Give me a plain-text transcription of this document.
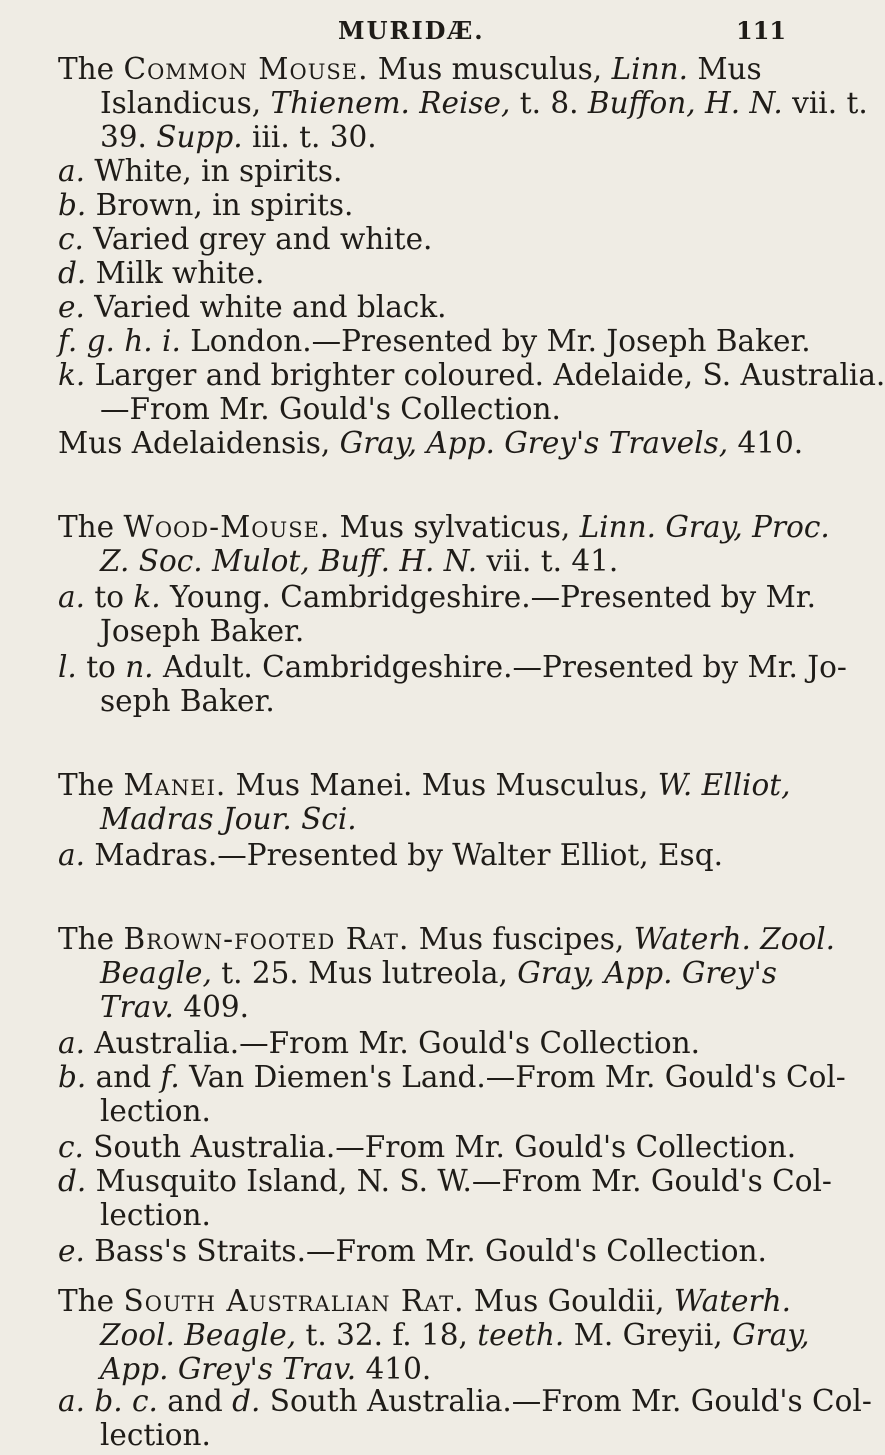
MURIDÆ.	111
The Common Mouse. Mus musculus, Linn. Mus
Islandicus, Thienem. Reise, t. 8. Buffon, H. N. vii. t.
39. Supp. iii. t. 30.
a. White, in spirits.
b. Brown, in spirits.
c. Varied grey and white.
d. Milk white.
e. Varied white and black.
f. g. h. i. London.—Presented by Mr. Joseph Baker.
k. Larger and brighter coloured. Adelaide, S. Australia.
—From Mr. Gould's Collection.
Mus Adelaidensis, Gray, App. Grey's Travels, 410.
The Wood-Mouse. Mus sylvaticus, Linn. Gray, Proc.
Z. Soc. Mulot, Buff. H. N. vii. t. 41.
a. to k. Young. Cambridgeshire.—Presented by Mr.
Joseph Baker.
l. to n. Adult. Cambridgeshire.—Presented by Mr. Jo-
seph Baker.
The Manei. Mus Manei. Mus Musculus, W. Elliot,
Madras Jour. Sci.
a. Madras.—Presented by Walter Elliot, Esq.
The Brown-footed Rat. Mus fuscipes, Waterh. Zool.
Beagle, t. 25. Mus lutreola, Gray, App. Grey's
Trav. 409.
a. Australia.—From Mr. Gould's Collection.
b. and f. Van Diemen's Land.—From Mr. Gould's Col-
lection.
c. South Australia.—From Mr. Gould's Collection.
d. Musquito Island, N. S. W.—From Mr. Gould's Col-
lection.
e. Bass's Straits.—From Mr. Gould's Collection.
The South Australian Rat. Mus Gouldii, Waterh.
Zool. Beagle, t. 32. f. 18, teeth. M. Greyii, Gray,
App. Grey's Trav. 410.
a. b. c. and d. South Australia.—From Mr. Gould's Col-
lection.
